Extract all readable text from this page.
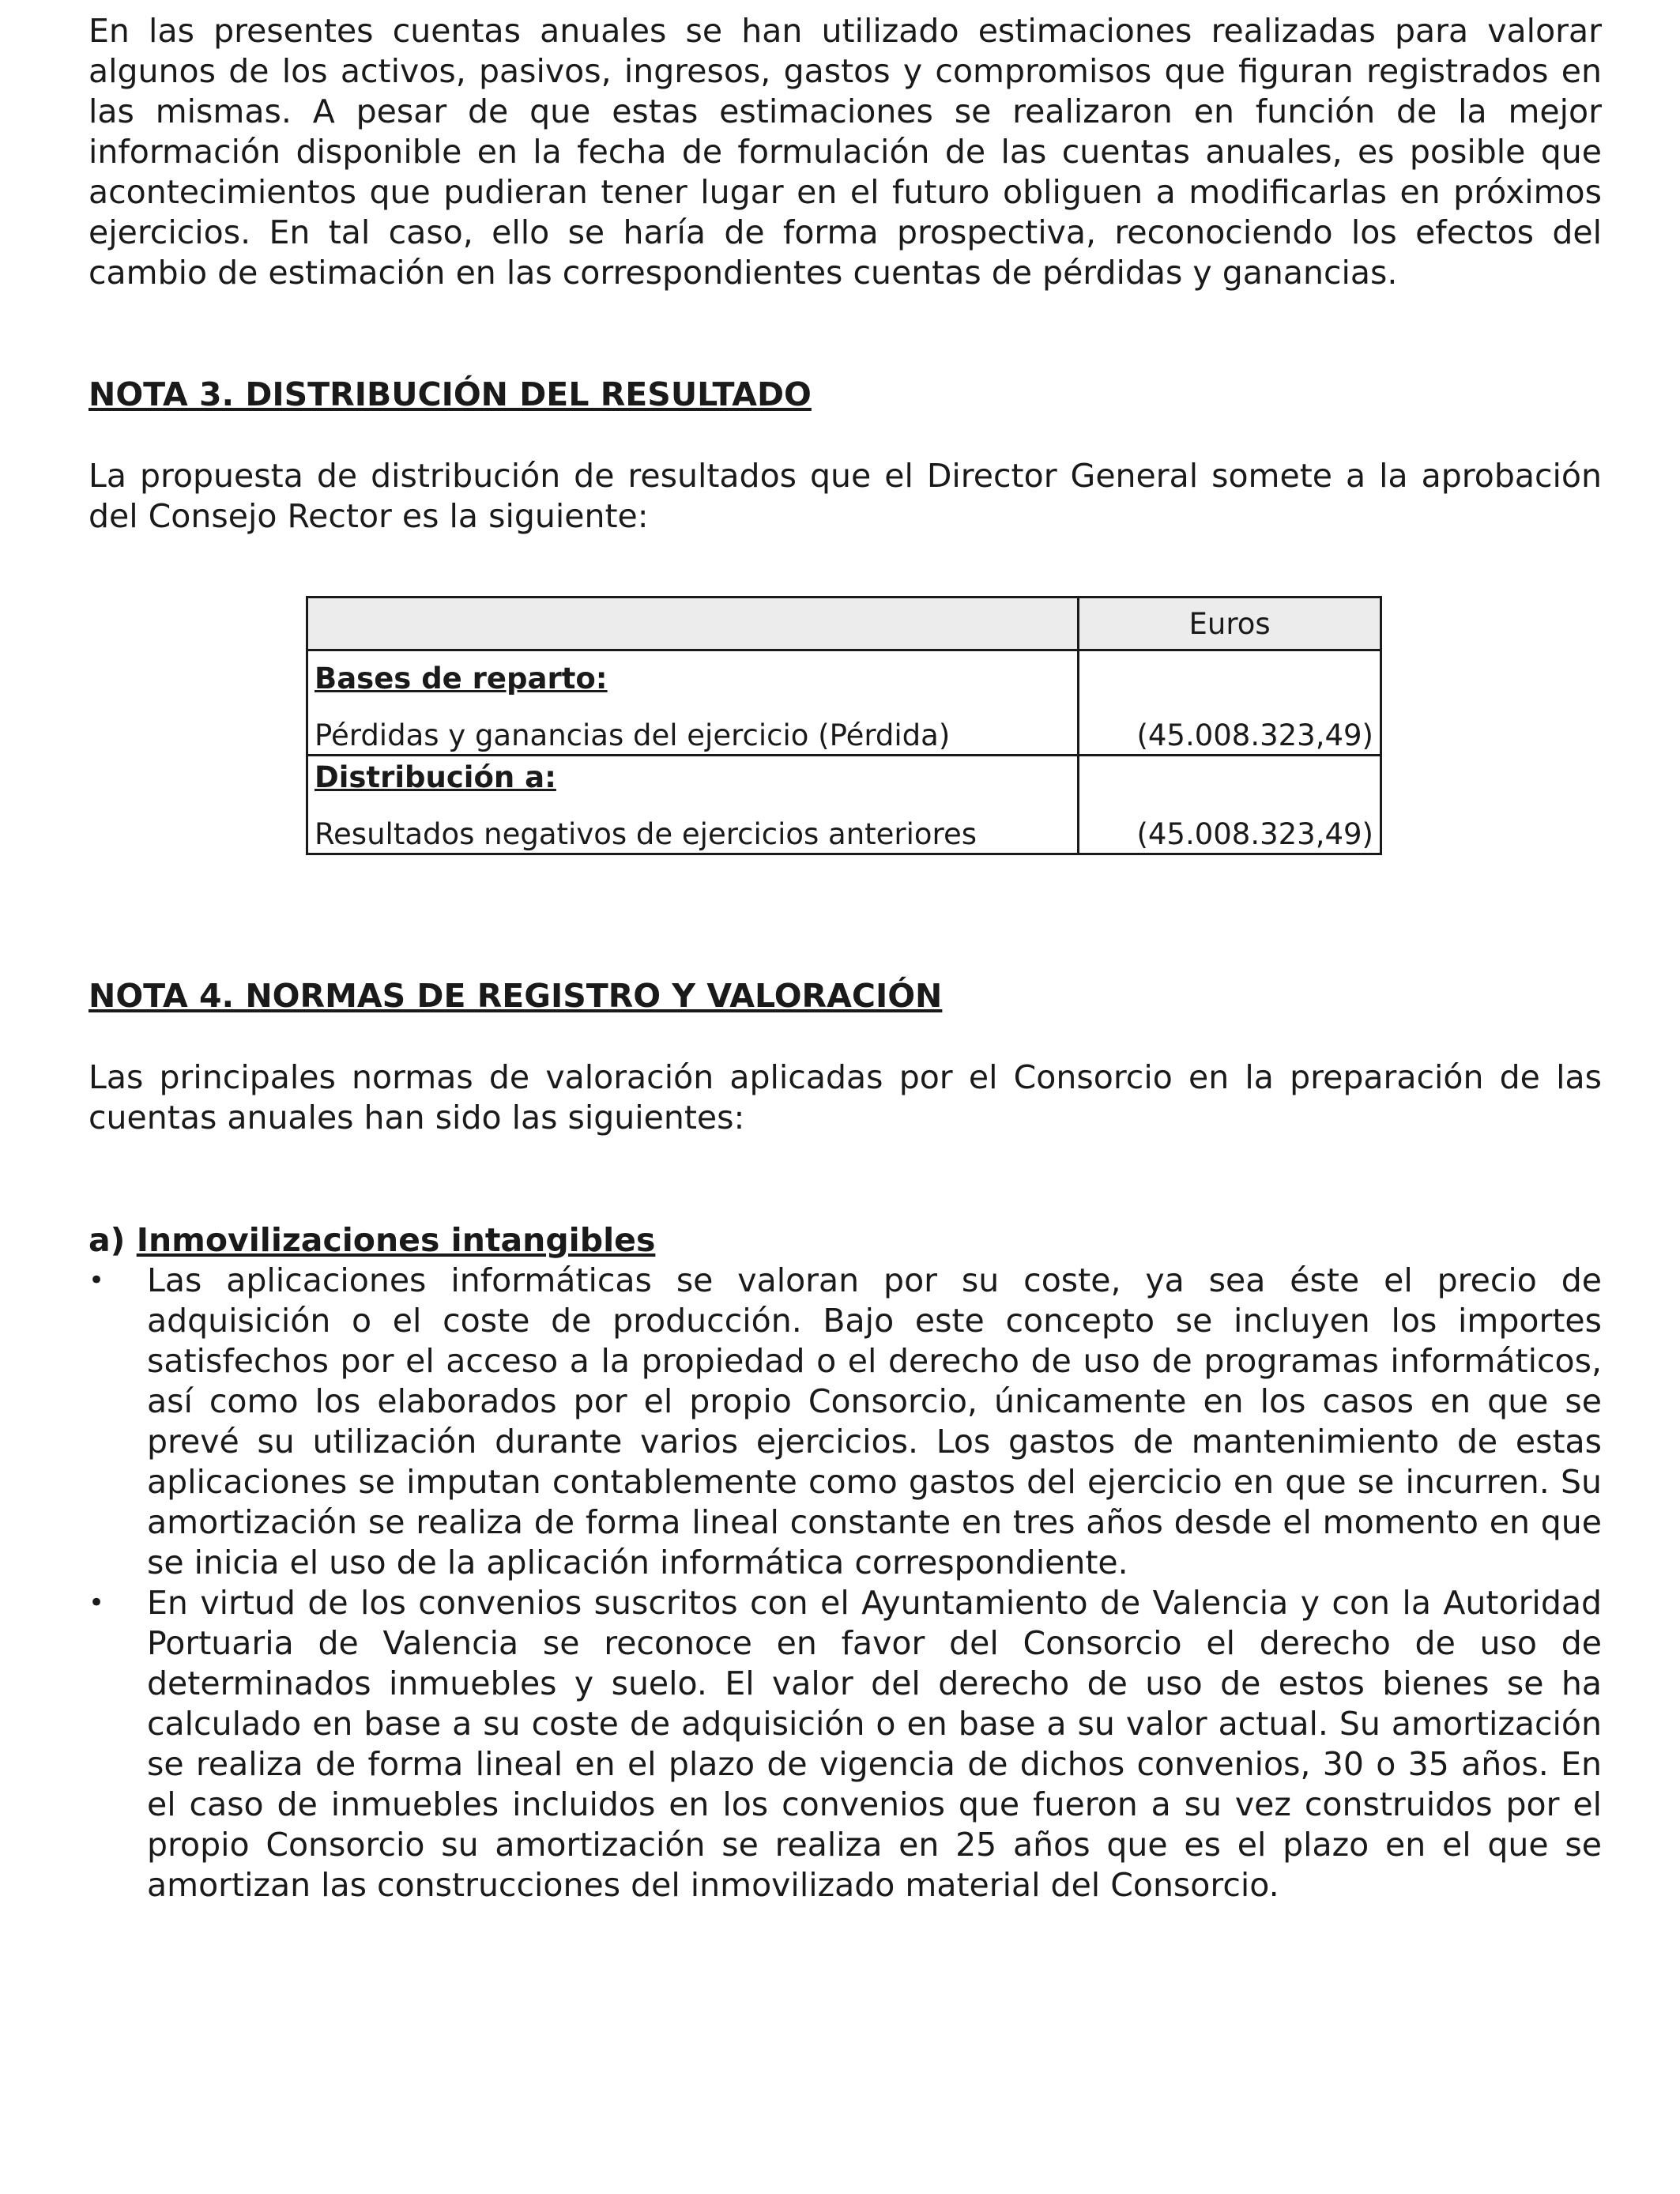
En las presentes cuentas anuales se han utilizado estimaciones realizadas para valorar algunos de los activos, pasivos, ingresos, gastos y compromisos que figuran registrados en las mismas. A pesar de que estas estimaciones se realizaron en función de la mejor información disponible en la fecha de formulación de las cuentas anuales, es posible que acontecimientos que pudieran tener lugar en el futuro obliguen a modificarlas en próximos ejercicios. En tal caso, ello se haría de forma prospectiva, reconociendo los efectos del cambio de estimación en las correspondientes cuentas de pérdidas y ganancias.

NOTA 3. DISTRIBUCIÓN DEL RESULTADO

La propuesta de distribución de resultados que el Director General somete a la aprobación del Consejo Rector es la siguiente:

	Euros

Bases de reparto:
Pérdidas y ganancias del ejercicio (Pérdida)	(45.008.323,49)

Distribución a:
Resultados negativos de ejercicios anteriores	(45.008.323,49)
NOTA 4. NORMAS DE REGISTRO Y VALORACIÓN

Las principales normas de valoración aplicadas por el Consorcio en la preparación de las cuentas anuales han sido las siguientes:

a) Inmovilizaciones intangibles
•	Las aplicaciones informáticas se valoran por su coste, ya sea éste el precio de adquisición o el coste de producción. Bajo este concepto se incluyen los importes satisfechos por el acceso a la propiedad o el derecho de uso de programas informáticos, así como los elaborados por el propio Consorcio, únicamente en los casos en que se prevé su utilización durante varios ejercicios. Los gastos de mantenimiento de estas aplicaciones se imputan contablemente como gastos del ejercicio en que se incurren. Su amortización se realiza de forma lineal constante en tres años desde el momento en que se inicia el uso de la aplicación informática correspondiente.

•	En virtud de los convenios suscritos con el Ayuntamiento de Valencia y con la Autoridad Portuaria de Valencia se reconoce en favor del Consorcio el derecho de uso de determinados inmuebles y suelo. El valor del derecho de uso de estos bienes se ha calculado en base a su coste de adquisición o en base a su valor actual. Su amortización se realiza de forma lineal en el plazo de vigencia de dichos convenios, 30 o 35 años. En el caso de inmuebles incluidos en los convenios que fueron a su vez construidos por el propio Consorcio su amortización se realiza en 25 años que es el plazo en el que se amortizan las construcciones del inmovilizado material del Consorcio.
